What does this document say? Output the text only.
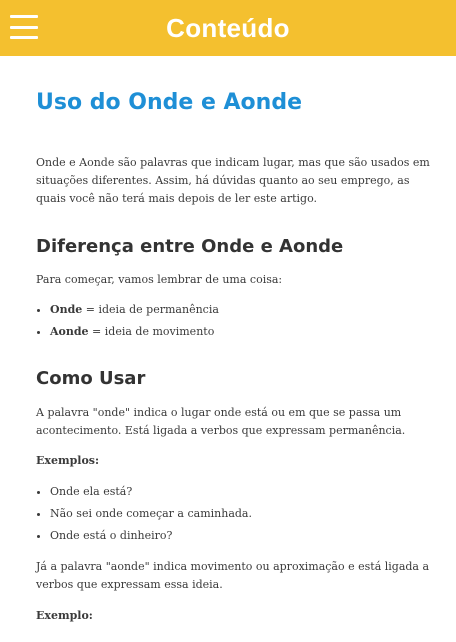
Conteúdo
Uso do Onde e Aonde

Onde e Aonde são palavras que indicam lugar, mas que são usados em situações diferentes. Assim, há dúvidas quanto ao seu emprego, as quais você não terá mais depois de ler este artigo.

Diferença entre Onde e Aonde

Para começar, vamos lembrar de uma coisa:

• Onde = ideia de permanência
• Aonde = ideia de movimento
Como Usar

A palavra "onde" indica o lugar onde está ou em que se passa um acontecimento. Está ligada a verbos que expressam permanência.

Exemplos:

• Onde ela está?
• Não sei onde começar a caminhada.
• Onde está o dinheiro?

Já a palavra "aonde" indica movimento ou aproximação e está ligada a verbos que expressam essa ideia.

Exemplo:
